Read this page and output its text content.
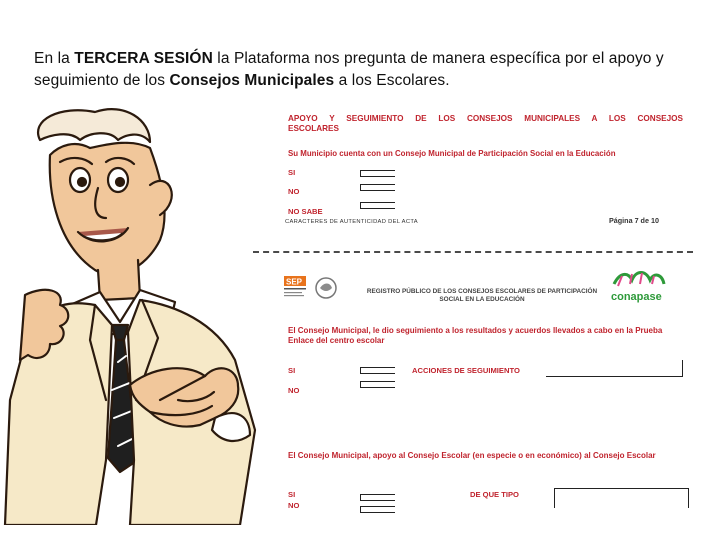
En la TERCERA SESIÓN la Plataforma nos pregunta de manera específica por el apoyo y seguimiento de los Consejos Municipales a los Escolares.
APOYO Y SEGUIMIENTO DE LOS CONSEJOS MUNICIPALES A LOS CONSEJOS
ESCOLARES
Su Municipio cuenta con un Consejo Municipal de Participación Social en la Educación
SI
NO
NO SABE
CARACTERES DE AUTENTICIDAD DEL ACTA	Página 7 de 10
SEP
REGISTRO PÚBLICO DE LOS CONSEJOS ESCOLARES DE PARTICIPACIÓN SOCIAL EN LA EDUCACIÓN	conapase
El Consejo Municipal, le dio seguimiento a los resultados y acuerdos llevados a cabo en la Prueba Enlace del centro escolar
SI
NO
ACCIONES DE SEGUIMIENTO
El Consejo Municipal, apoyo al Consejo Escolar (en especie o en económico) al Consejo Escolar
SI
NO
DE QUE TIPO
